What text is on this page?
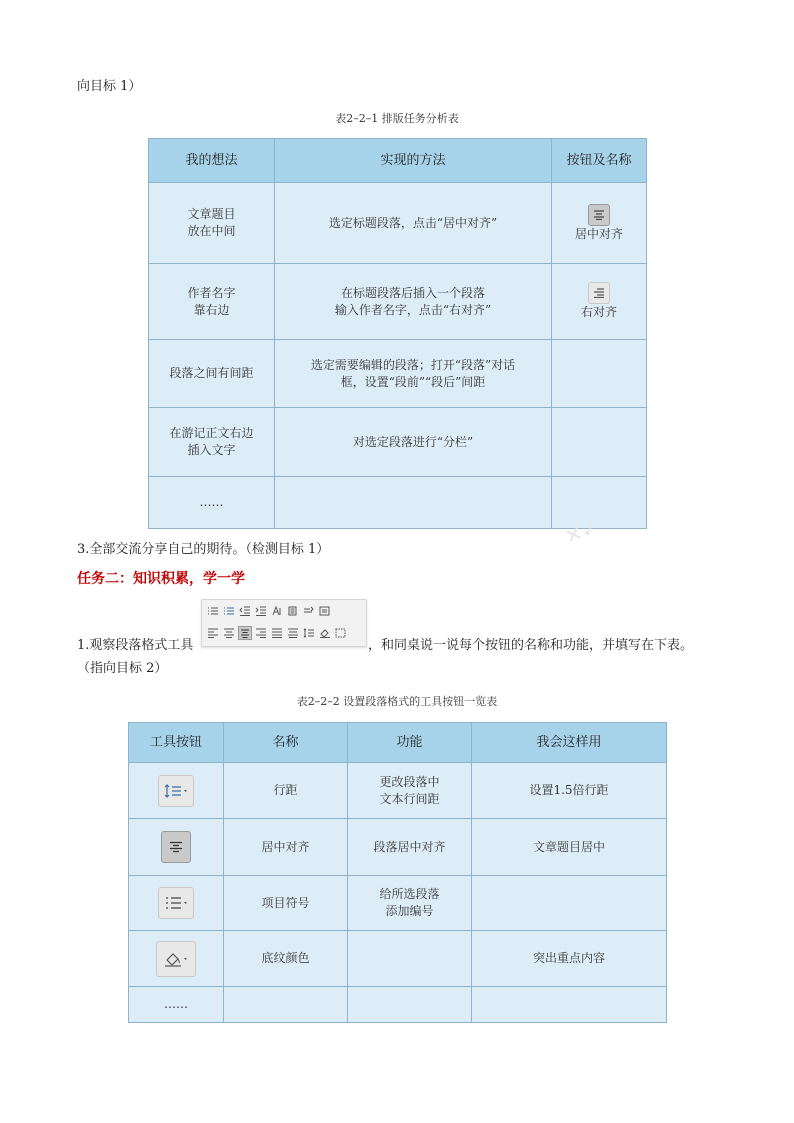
向目标 1）
表2–2–1 排版任务分析表
我的想法	实现的方法	按钮及名称
文章题目
放在中间	选定标题段落，点击“居中对齐”	居中对齐
作者名字
靠右边	在标题段落后插入一个段落
输入作者名字，点击“右对齐”	右对齐
段落之间有间距	选定需要编辑的段落；打开“段落”对话
框，设置“段前”“段后”间距	
在游记正文右边
插入文字	对选定段落进行“分栏”	
……		
✕✓
3.全部交流分享自己的期待。（检测目标 1）
任务二：知识积累，学一学
1.观察段落格式工具	，和同桌说一说每个按钮的名称和功能，并填写在下表。
（指向目标 2）
表2–2–2 设置段落格式的工具按钮一览表
工具按钮	名称	功能	我会这样用

	行距	更改段落中
文本行间距	设置1.5倍行距

	居中对齐	段落居中对齐	文章题目居中

	项目符号	给所选段落
添加编号	

	底纹颜色		突出重点内容
……			
